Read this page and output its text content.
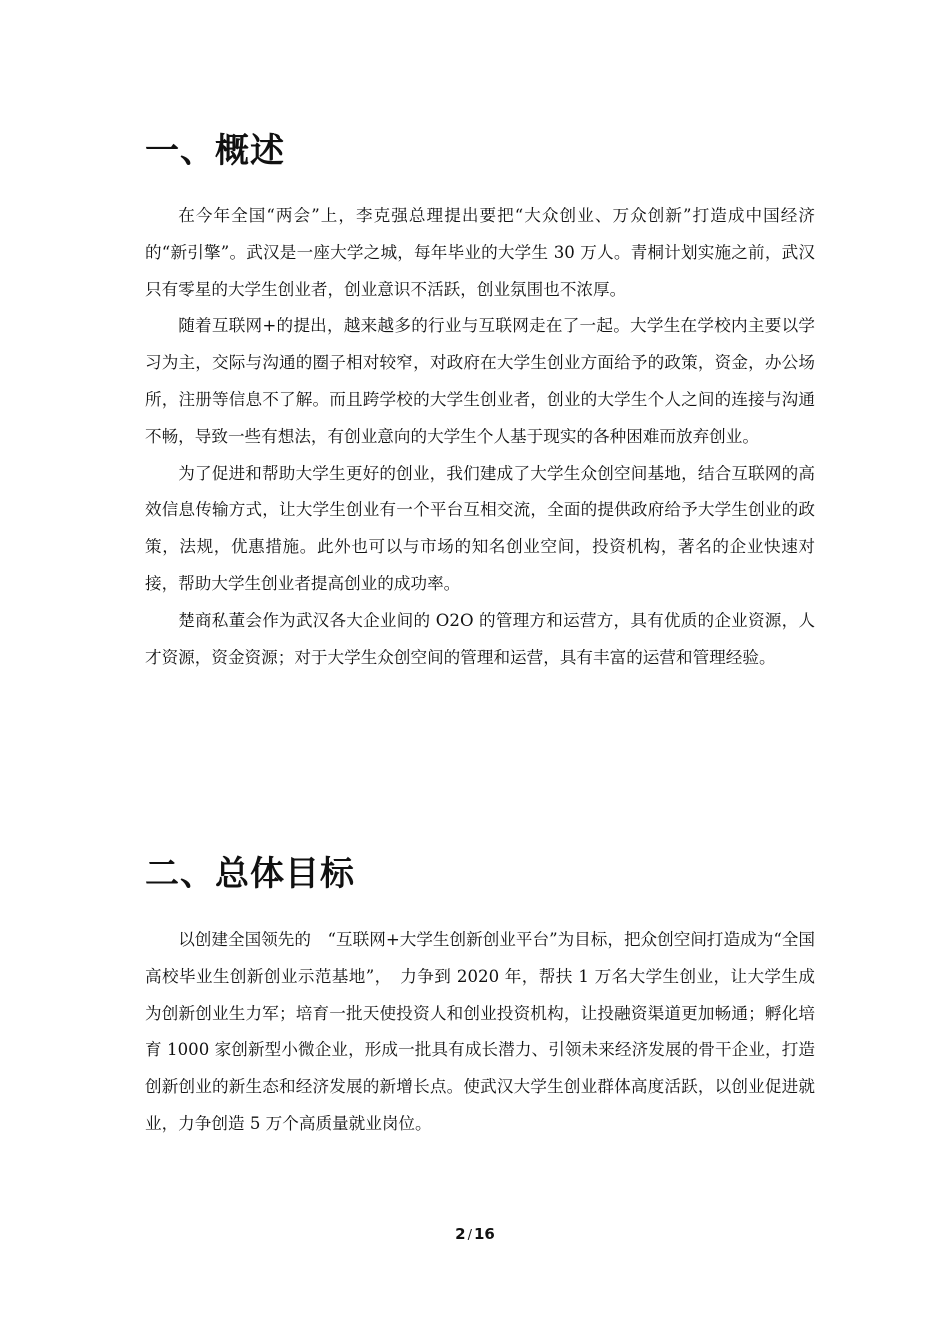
一、概述

在今年全国“两会”上，李克强总理提出要把“大众创业、万众创新”打造成中国经济的“新引擎”。武汉是一座大学之城，每年毕业的大学生 30 万人。青桐计划实施之前，武汉只有零星的大学生创业者，创业意识不活跃，创业氛围也不浓厚。

随着互联网+的提出，越来越多的行业与互联网走在了一起。大学生在学校内主要以学习为主，交际与沟通的圈子相对较窄，对政府在大学生创业方面给予的政策，资金，办公场所，注册等信息不了解。而且跨学校的大学生创业者，创业的大学生个人之间的连接与沟通不畅，导致一些有想法，有创业意向的大学生个人基于现实的各种困难而放弃创业。

为了促进和帮助大学生更好的创业，我们建成了大学生众创空间基地，结合互联网的高效信息传输方式，让大学生创业有一个平台互相交流，全面的提供政府给予大学生创业的政策，法规，优惠措施。此外也可以与市场的知名创业空间，投资机构，著名的企业快速对接，帮助大学生创业者提高创业的成功率。

楚商私董会作为武汉各大企业间的 O2O 的管理方和运营方，具有优质的企业资源，人才资源，资金资源；对于大学生众创空间的管理和运营，具有丰富的运营和管理经验。

二、总体目标

以创建全国领先的　“互联网+大学生创新创业平台”为目标，把众创空间打造成为“全国高校毕业生创新创业示范基地”，　力争到 2020 年，帮扶 1 万名大学生创业，让大学生成为创新创业生力军；培育一批天使投资人和创业投资机构，让投融资渠道更加畅通；孵化培育 1000 家创新型小微企业，形成一批具有成长潜力、引领未来经济发展的骨干企业，打造创新创业的新生态和经济发展的新增长点。使武汉大学生创业群体高度活跃，以创业促进就业，力争创造 5 万个高质量就业岗位。

2 / 16
